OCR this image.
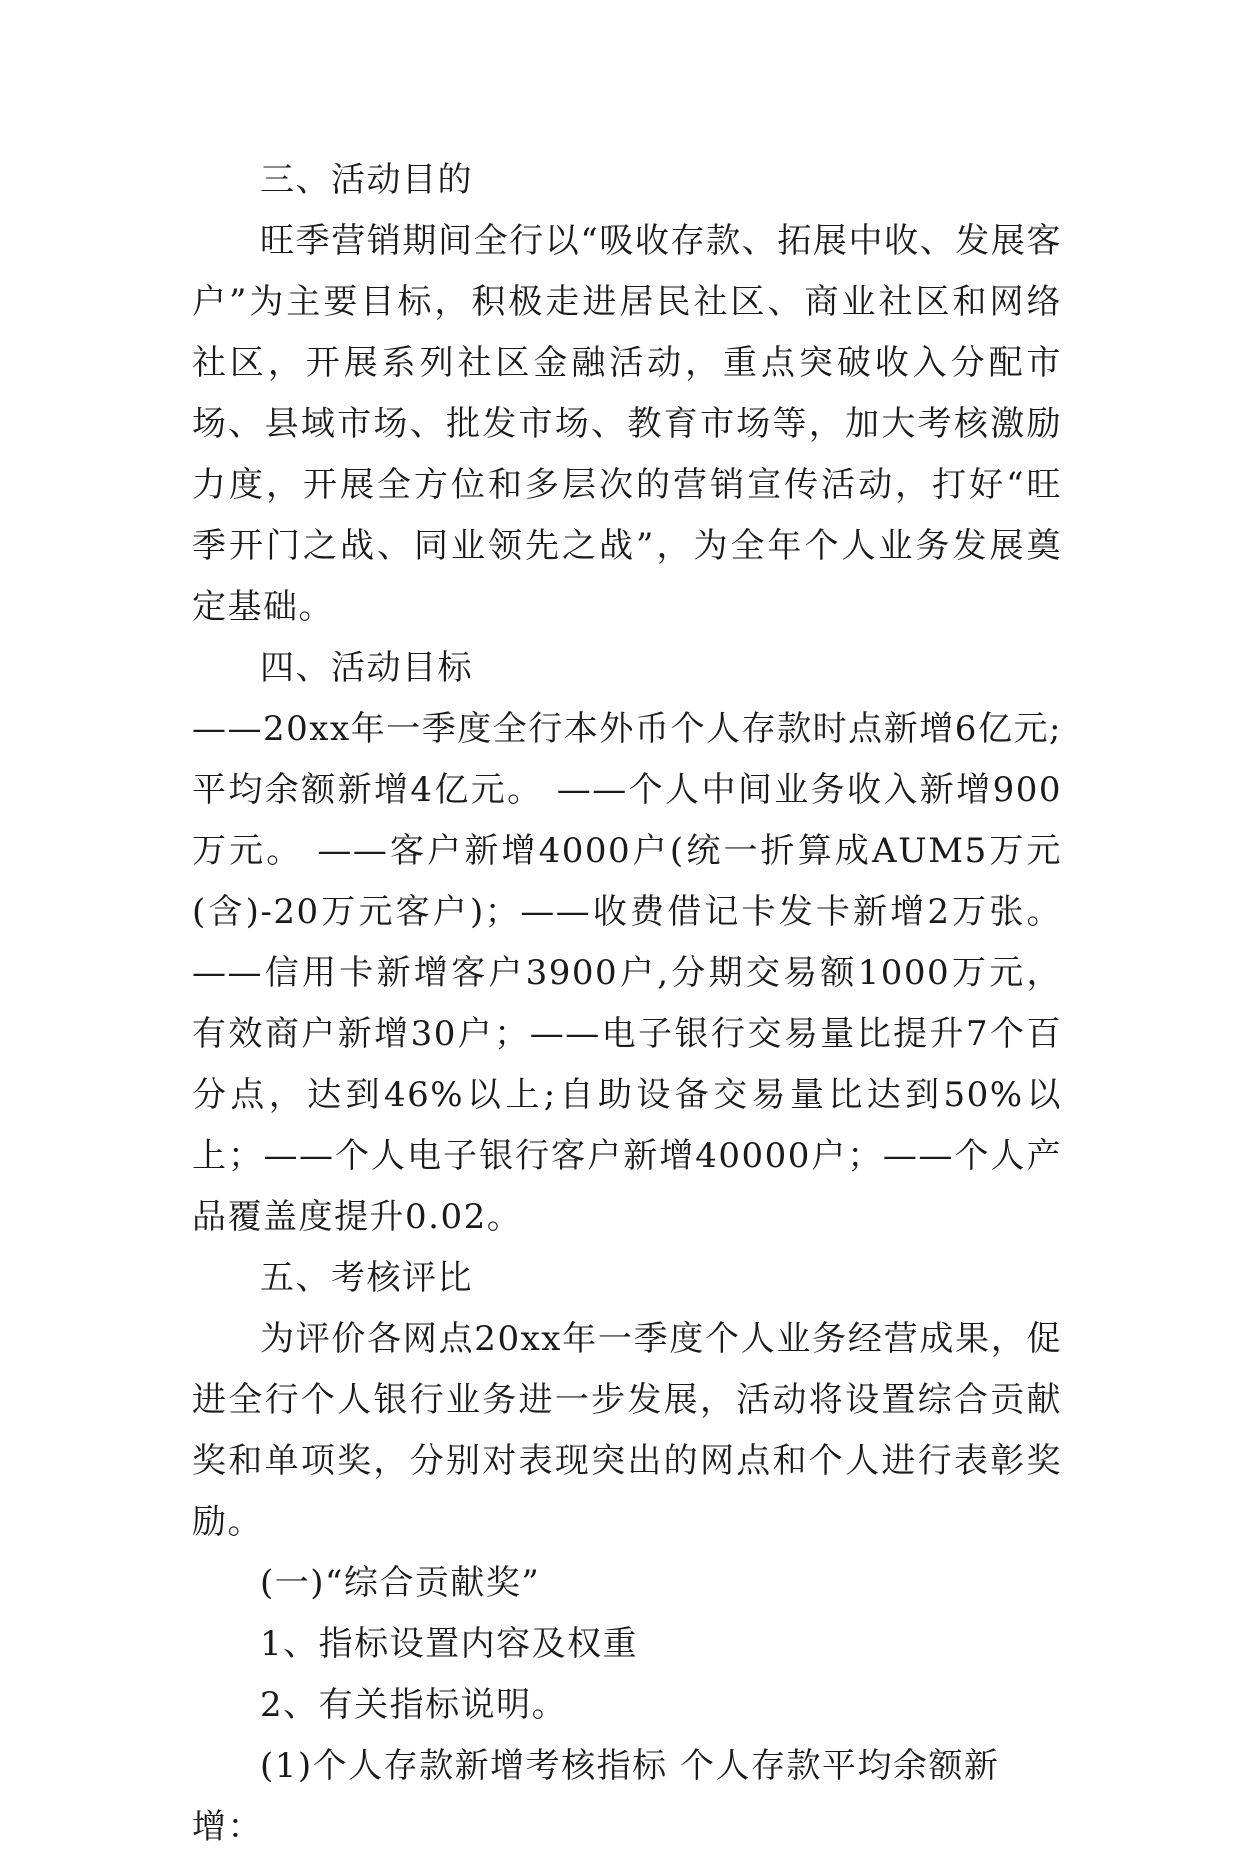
三、活动目的

旺季营销期间全行以“吸收存款、拓展中收、发展客户”为主要目标，积极走进居民社区、商业社区和网络社区，开展系列社区金融活动，重点突破收入分配市场、县域市场、批发市场、教育市场等，加大考核激励力度，开展全方位和多层次的营销宣传活动，打好“旺季开门之战、同业领先之战”，为全年个人业务发展奠定基础。

四、活动目标

——20xx年一季度全行本外币个人存款时点新增6亿元;平均余额新增4亿元。 ——个人中间业务收入新增900万元。 ——客户新增4000户(统一折算成AUM5万元(含)-20万元客户)；——收费借记卡发卡新增2万张。 ——信用卡新增客户3900户,分期交易额1000万元， 有效商户新增30户；——电子银行交易量比提升7个百分点，达到46%以上;自助设备交易量比达到50%以上；——个人电子银行客户新增40000户；——个人产品覆盖度提升0.02。

五、考核评比

为评价各网点20xx年一季度个人业务经营成果，促进全行个人银行业务进一步发展，活动将设置综合贡献奖和单项奖，分别对表现突出的网点和个人进行表彰奖励。

(一)“综合贡献奖”

1、指标设置内容及权重

2、有关指标说明。

(1)个人存款新增考核指标 个人存款平均余额新增：
